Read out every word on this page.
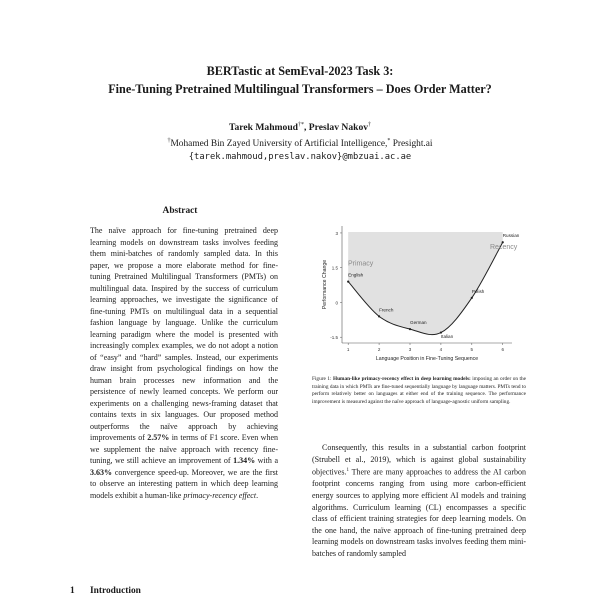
BERTastic at SemEval-2023 Task 3:
Fine-Tuning Pretrained Multilingual Transformers – Does Order Matter?
Tarek Mahmoud†*, Preslav Nakov†
†Mohamed Bin Zayed University of Artificial Intelligence,* Presight.ai
{tarek.mahmoud,preslav.nakov}@mbzuai.ac.ae
Abstract
The naïve approach for fine-tuning pretrained deep learning models on downstream tasks involves feeding them mini-batches of randomly sampled data. In this paper, we propose a more elaborate method for fine-tuning Pretrained Multilingual Transformers (PMTs) on multilingual data. Inspired by the success of curriculum learning approaches, we investigate the significance of fine-tuning PMTs on multilingual data in a sequential fashion language by language. Unlike the curriculum learning paradigm where the model is presented with increasingly complex examples, we do not adopt a notion of “easy” and “hard” samples. Instead, our experiments draw insight from psychological findings on how the human brain processes new information and the persistence of newly learned concepts. We perform our experiments on a challenging news-framing dataset that contains texts in six languages. Our proposed method outperforms the naïve approach by achieving improvements of 2.57% in terms of F1 score. Even when we supplement the naïve approach with recency fine-tuning, we still achieve an improvement of 1.34% with a 3.63% convergence speed-up. Moreover, we are the first to observe an interesting pattern in which deep learning models exhibit a human-like primacy-recency effect.
1 Introduction
-1.5
0
1.5
3
1	2	3	4	5	6
Language Position in Fine-Tuning Sequence
Performance Change	English
French
German
Italian
Polish
Russian
Primacy
Recency
Figure 1: Human-like primacy-recency effect in deep learning models: imposing an order on the training data in which PMTs are fine-tuned sequentially language by language matters. PMTs tend to perform relatively better on languages at either end of the training sequence. The performance improvement is measured against the naïve approach of language-agnostic uniform sampling.
Consequently, this results in a substantial carbon footprint (Strubell et al., 2019), which is against global sustainability objectives.$^1$ There are many approaches to address the AI carbon footprint concerns ranging from using more carbon-efficient energy sources to applying more efficient AI models and training algorithms. Curriculum learning (CL) encompasses a specific class of efficient training strategies for deep learning models. On the one hand, the naïve approach of fine-tuning pretrained deep learning models on downstream tasks involves feeding them mini-batches of randomly sampled
